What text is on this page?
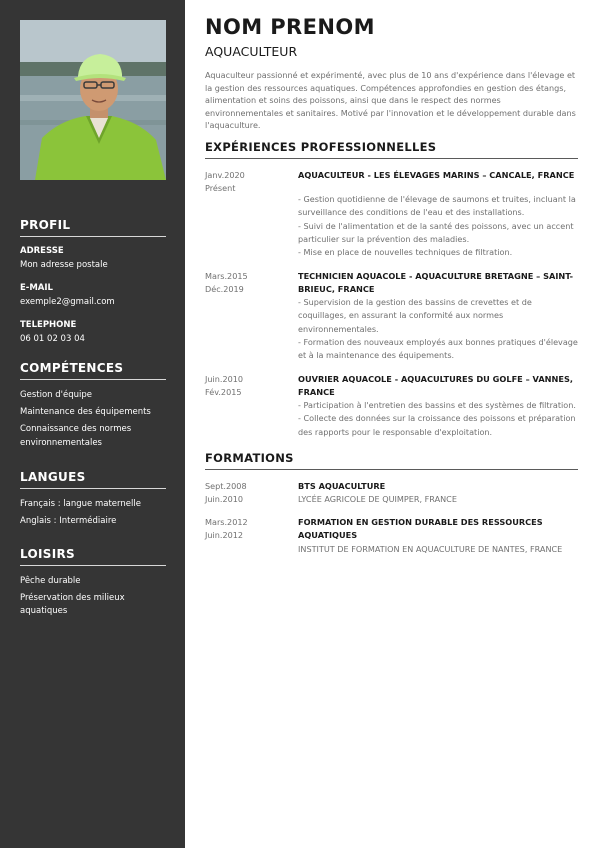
PROFIL
ADRESSE
Mon adresse postale
E-MAIL
exemple2@gmail.com
TELEPHONE
06 01 02 03 04
COMPÉTENCES
Gestion d'équipe
Maintenance des équipements
Connaissance des normes environnementales
LANGUES
Français : langue maternelle
Anglais : Intermédiaire
LOISIRS
Pêche durable
Préservation des milieux aquatiques
NOM PRENOM
AQUACULTEUR
Aquaculteur passionné et expérimenté, avec plus de 10 ans d'expérience dans l'élevage et la gestion des ressources aquatiques. Compétences approfondies en gestion des étangs, alimentation et soins des poissons, ainsi que dans le respect des normes environnementales et sanitaires. Motivé par l'innovation et le développement durable dans l'aquaculture.
EXPÉRIENCES PROFESSIONNELLES
Janv.2020
Présent
AQUACULTEUR - LES ÉLEVAGES MARINS – CANCALE, FRANCE
- Gestion quotidienne de l'élevage de saumons et truites, incluant la surveillance des conditions de l'eau et des installations.
- Suivi de l'alimentation et de la santé des poissons, avec un accent particulier sur la prévention des maladies.
- Mise en place de nouvelles techniques de filtration.
Mars.2015
Déc.2019
TECHNICIEN AQUACOLE - AQUACULTURE BRETAGNE – SAINT-BRIEUC, FRANCE
- Supervision de la gestion des bassins de crevettes et de coquillages, en assurant la conformité aux normes environnementales.
- Formation des nouveaux employés aux bonnes pratiques d'élevage et à la maintenance des équipements.
Juin.2010
Fév.2015
OUVRIER AQUACOLE - AQUACULTURES DU GOLFE – VANNES, FRANCE
- Participation à l'entretien des bassins et des systèmes de filtration.
- Collecte des données sur la croissance des poissons et préparation des rapports pour le responsable d'exploitation.
FORMATIONS
Sept.2008
Juin.2010
BTS AQUACULTURE
LYCÉE AGRICOLE DE QUIMPER, FRANCE
Mars.2012
Juin.2012
FORMATION EN GESTION DURABLE DES RESSOURCES AQUATIQUES
INSTITUT DE FORMATION EN AQUACULTURE DE NANTES, FRANCE
